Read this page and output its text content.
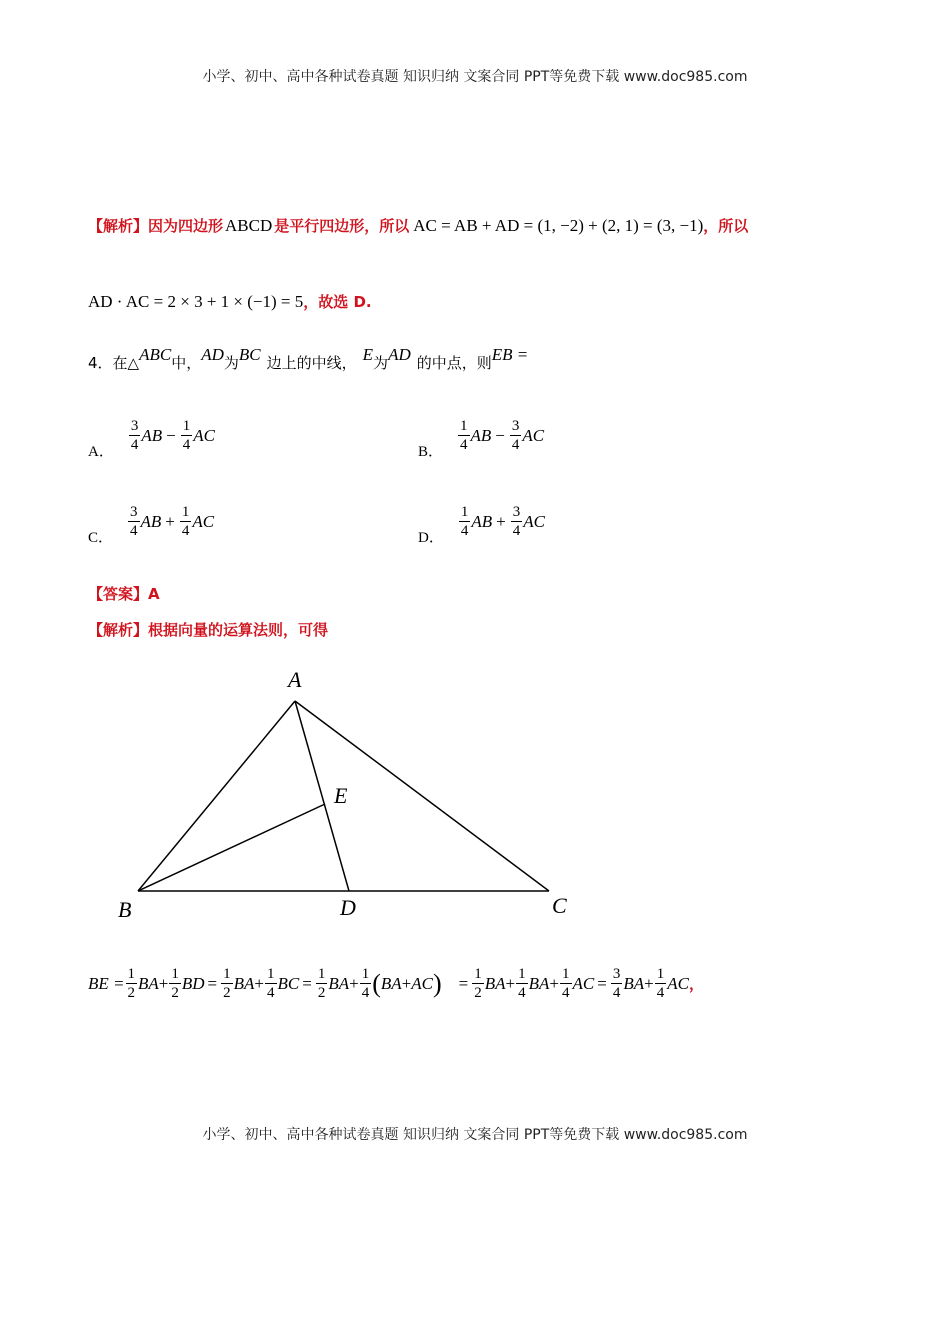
小学、初中、高中各种试卷真题 知识归纳 文案合同 PPT等免费下载 www.doc985.com
【解析】 因为四边形 ABCD 是平行四边形，所以 AC = AB + AD = (1, −2) + (2, 1) = (3, −1) ，所以
AD · AC = 2 × 3 + 1 × (−1) = 5 ，故选 D.
4．在△ ABC 中， AD 为 BC 边上的中线， E 为 AD 的中点，则 EB =
A． $\frac{3}{4}$ AB − $\frac{1}{4}$ AC
B． $\frac{1}{4}$ AB − $\frac{3}{4}$ AC
C． $\frac{3}{4}$ AB + $\frac{1}{4}$ AC
D． $\frac{1}{4}$ AB + $\frac{3}{4}$ AC
【答案】 A
【解析】 根据向量的运算法则，可得
A
B	C
D
E
BE = $\frac{1}{2}$ BA + $\frac{1}{2}$ BD = $\frac{1}{2}$ BA + $\frac{1}{4}$ BC = $\frac{1}{2}$ BA + $\frac{1}{4}$ ( BA + AC ) = $\frac{1}{2}$ BA + $\frac{1}{4}$ BA + $\frac{1}{4}$ AC = $\frac{3}{4}$ BA + $\frac{1}{4}$ AC ，
小学、初中、高中各种试卷真题 知识归纳 文案合同 PPT等免费下载 www.doc985.com
